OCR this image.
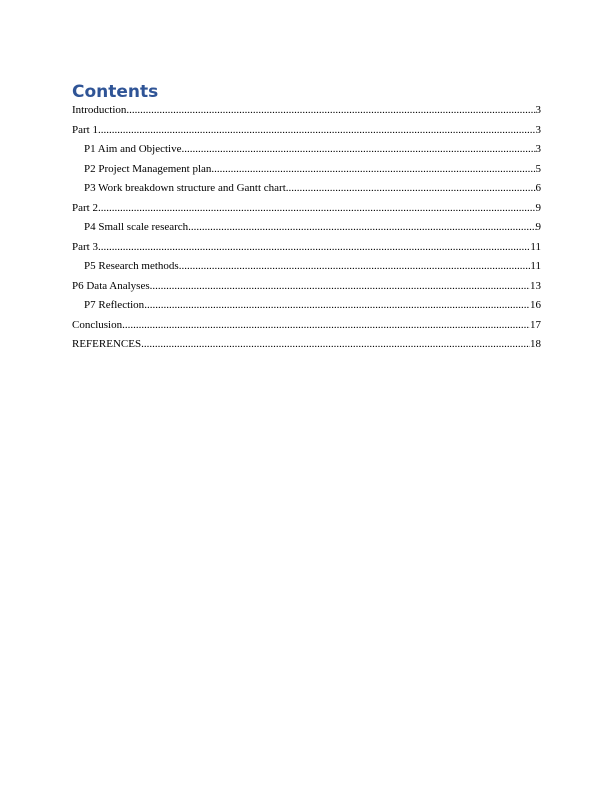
Contents
Introduction .....	3
Part 1 .....	3
P1 Aim and Objective .....	3
P2 Project Management plan .....	5
P3 Work breakdown structure and Gantt chart .....	6
Part 2 .....	9
P4 Small scale research .....	9
Part 3 .....	11
P5 Research methods .....	11
P6 Data Analyses .....	13
P7 Reflection .....	16
Conclusion .....	17
REFERENCES .....	18
